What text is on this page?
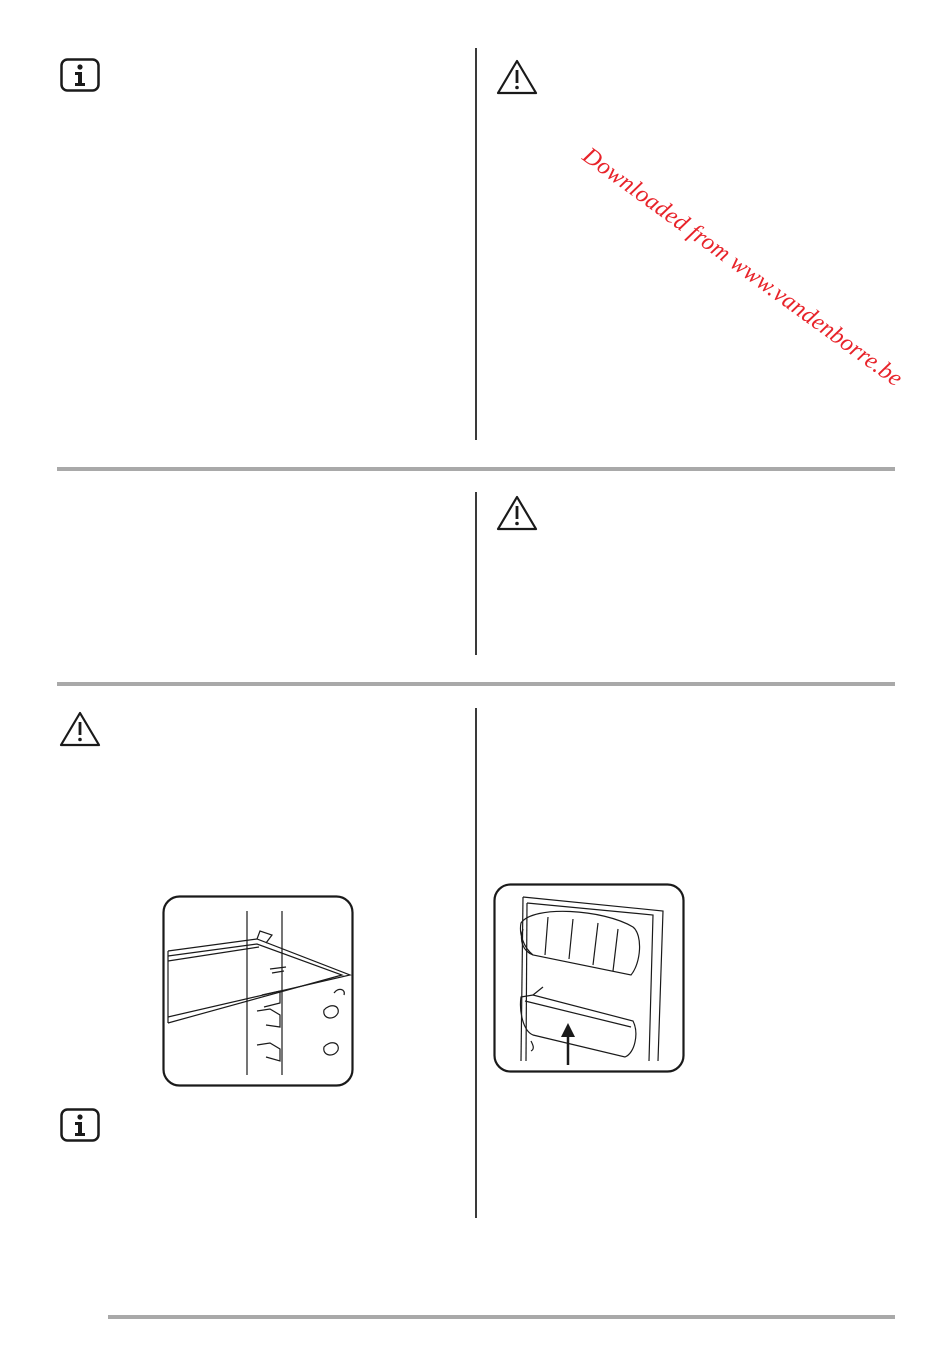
Downloaded from www.vandenborre.be
